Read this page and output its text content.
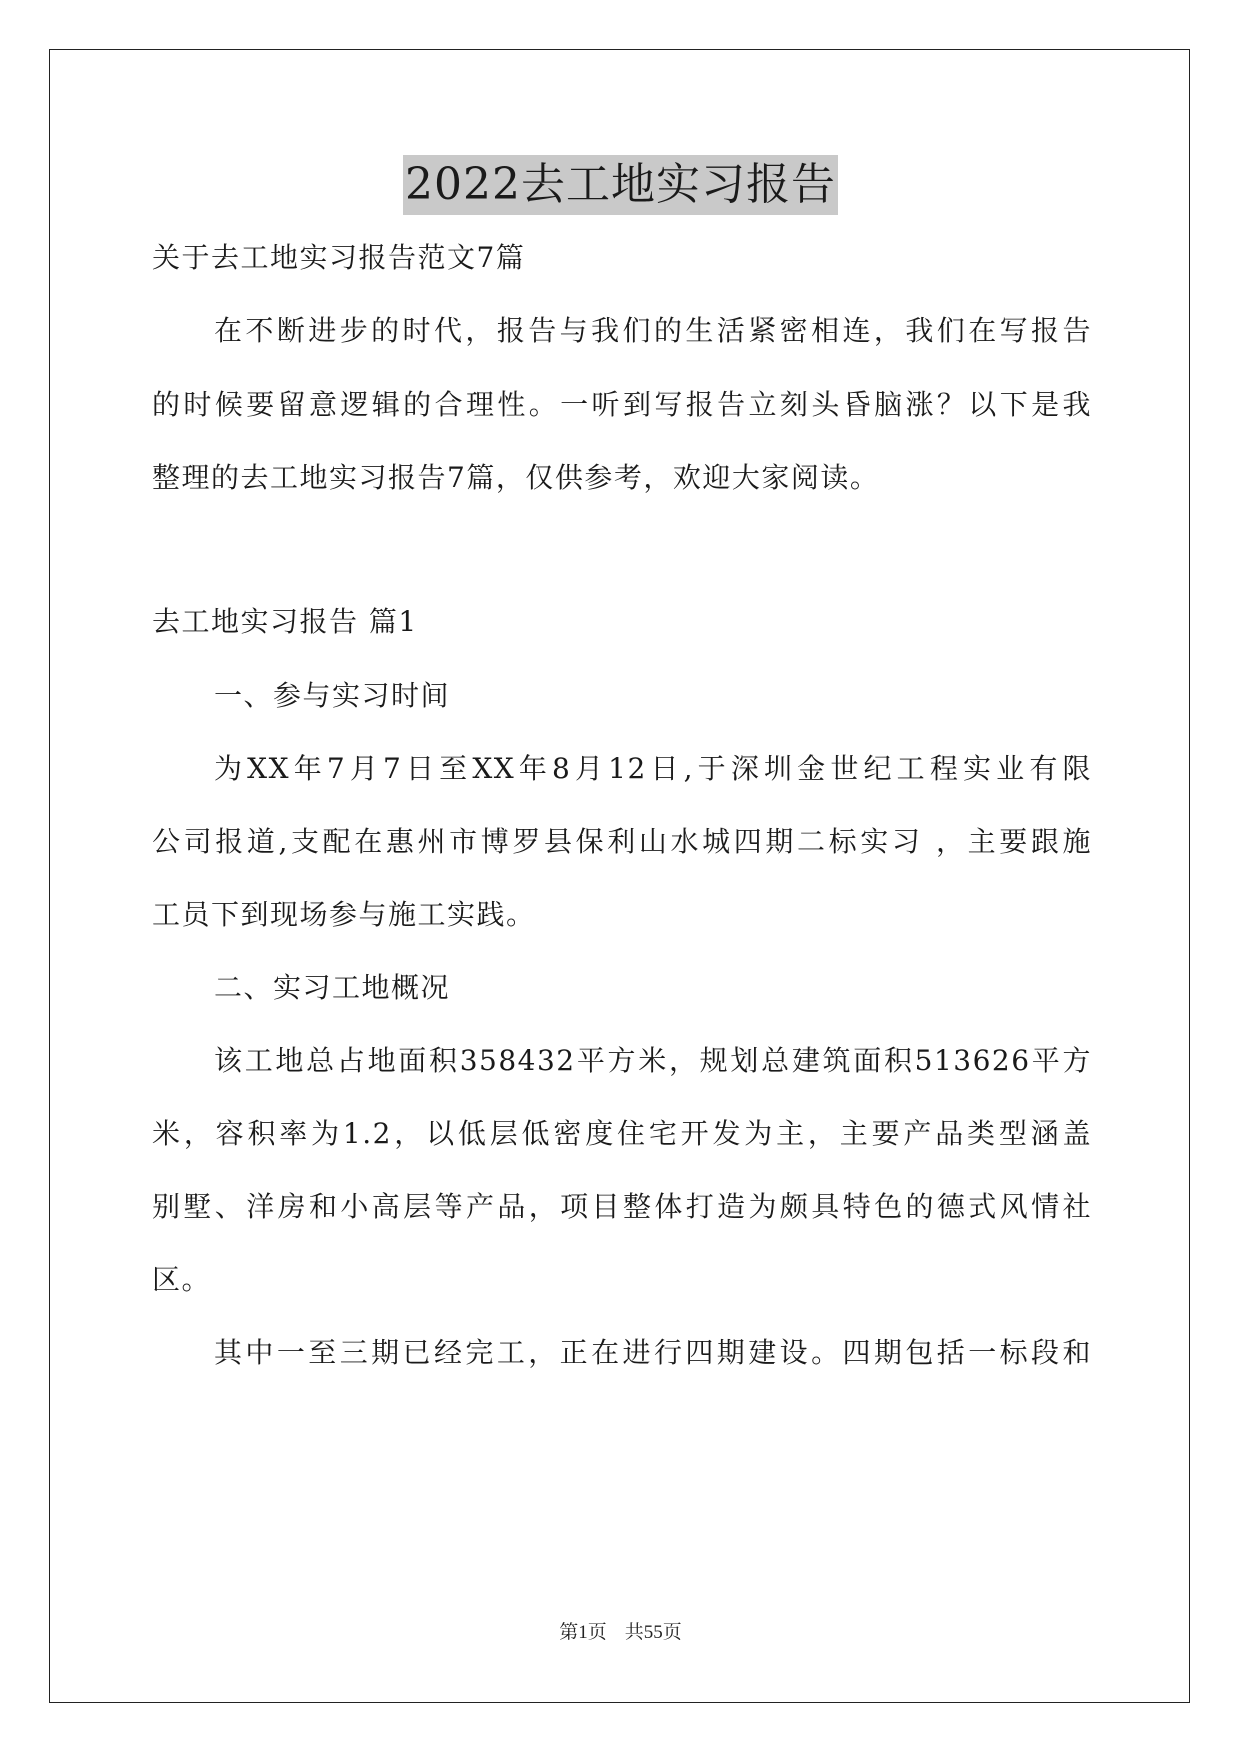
2022去工地实习报告
关于去工地实习报告范文7篇
在不断进步的时代，报告与我们的生活紧密相连，我们在写报告
的时候要留意逻辑的合理性。一听到写报告立刻头昏脑涨？以下是我
整理的去工地实习报告7篇，仅供参考，欢迎大家阅读。
去工地实习报告 篇1
一、参与实习时间
为XX年7月7日至XX年8月12日,于深圳金世纪工程实业有限
公司报道,支配在惠州市博罗县保利山水城四期二标实习 ，主要跟施
工员下到现场参与施工实践。
二、实习工地概况
该工地总占地面积358432平方米，规划总建筑面积513626平方
米，容积率为1.2，以低层低密度住宅开发为主，主要产品类型涵盖
别墅、洋房和小高层等产品，项目整体打造为颇具特色的德式风情社
区。
其中一至三期已经完工，正在进行四期建设。四期包括一标段和
第1页 共55页
